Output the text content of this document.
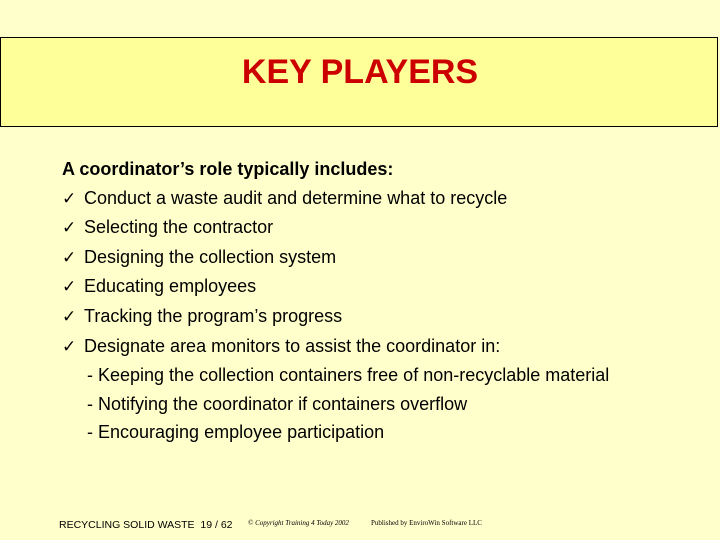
KEY PLAYERS
A coordinator’s role typically includes:
✓ Conduct a waste audit and determine what to recycle
✓ Selecting the contractor
✓ Designing the collection system
✓ Educating employees
✓ Tracking the program’s progress
✓ Designate area monitors to assist the coordinator in:
- Keeping the collection containers free of non-recyclable material
- Notifying the coordinator if containers overflow
- Encouraging employee participation
RECYCLING SOLID WASTE 19 / 62 © Copyright Training 4 Today 2002	Published by EnviroWin Software LLC
